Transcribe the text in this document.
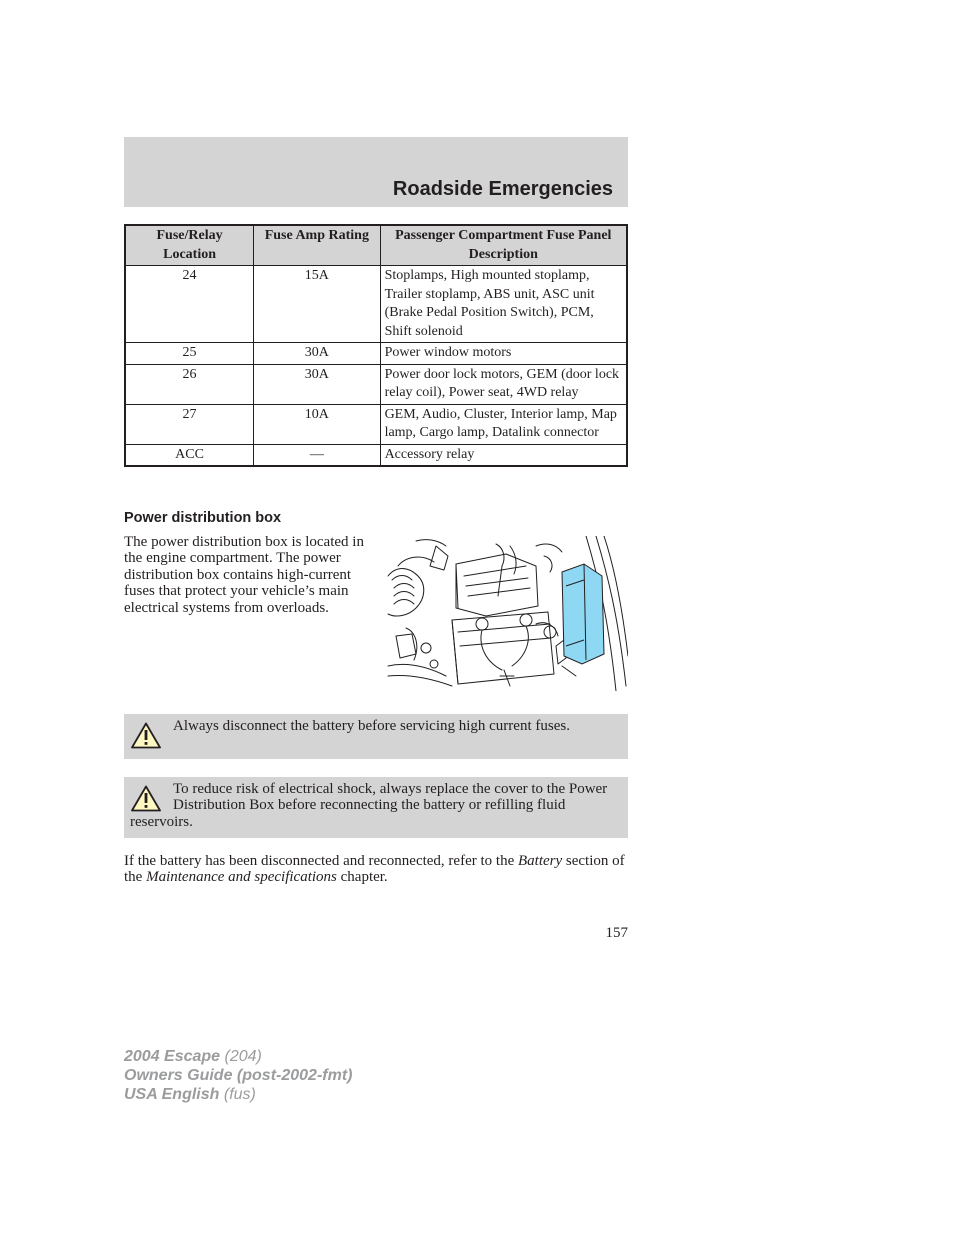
Roadside Emergencies
Fuse/Relay Location	Fuse Amp Rating	Passenger Compartment Fuse Panel Description
24	15A	Stoplamps, High mounted stoplamp, Trailer stoplamp, ABS unit, ASC unit (Brake Pedal Position Switch), PCM, Shift solenoid
25	30A	Power window motors
26	30A	Power door lock motors, GEM (door lock relay coil), Power seat, 4WD relay
27	10A	GEM, Audio, Cluster, Interior lamp, Map lamp, Cargo lamp, Datalink connector
ACC	—	Accessory relay
Power distribution box

The power distribution box is located in the engine compartment. The power distribution box contains high-current fuses that protect your vehicle’s main electrical systems from overloads.

Always disconnect the battery before servicing high current fuses.
To reduce risk of electrical shock, always replace the cover to the Power Distribution Box before reconnecting the battery or refilling fluid reservoirs.

If the battery has been disconnected and reconnected, refer to the Battery section of the Maintenance and specifications chapter.

157
2004 Escape (204)
Owners Guide (post-2002-fmt)
USA English (fus)
